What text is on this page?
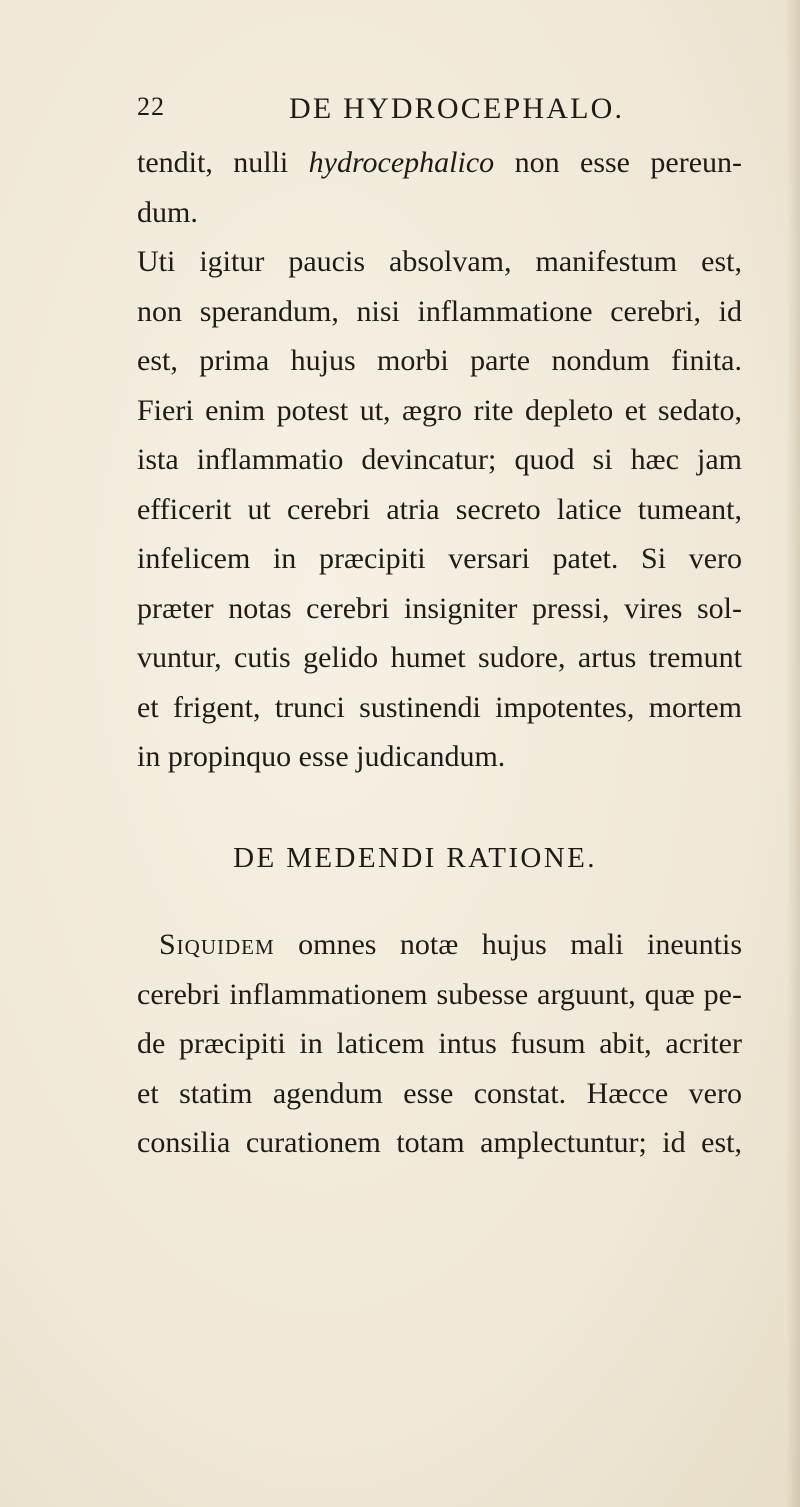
22	DE HYDROCEPHALO.
tendit, nulli hydrocephalico non esse pereun-
dum.
Uti igitur paucis absolvam, manifestum est,
non sperandum, nisi inflammatione cerebri, id
est, prima hujus morbi parte nondum finita.
Fieri enim potest ut, ægro rite depleto et sedato,
ista inflammatio devincatur; quod si hæc jam
efficerit ut cerebri atria secreto latice tumeant,
infelicem in præcipiti versari patet. Si vero
præter notas cerebri insigniter pressi, vires sol-
vuntur, cutis gelido humet sudore, artus tremunt
et frigent, trunci sustinendi impotentes, mortem
in propinquo esse judicandum.
DE MEDENDI RATIONE.
Siquidem omnes notæ hujus mali ineuntis
cerebri inflammationem subesse arguunt, quæ pe-
de præcipiti in laticem intus fusum abit, acriter
et statim agendum esse constat. Hæcce vero
consilia curationem totam amplectuntur; id est,
